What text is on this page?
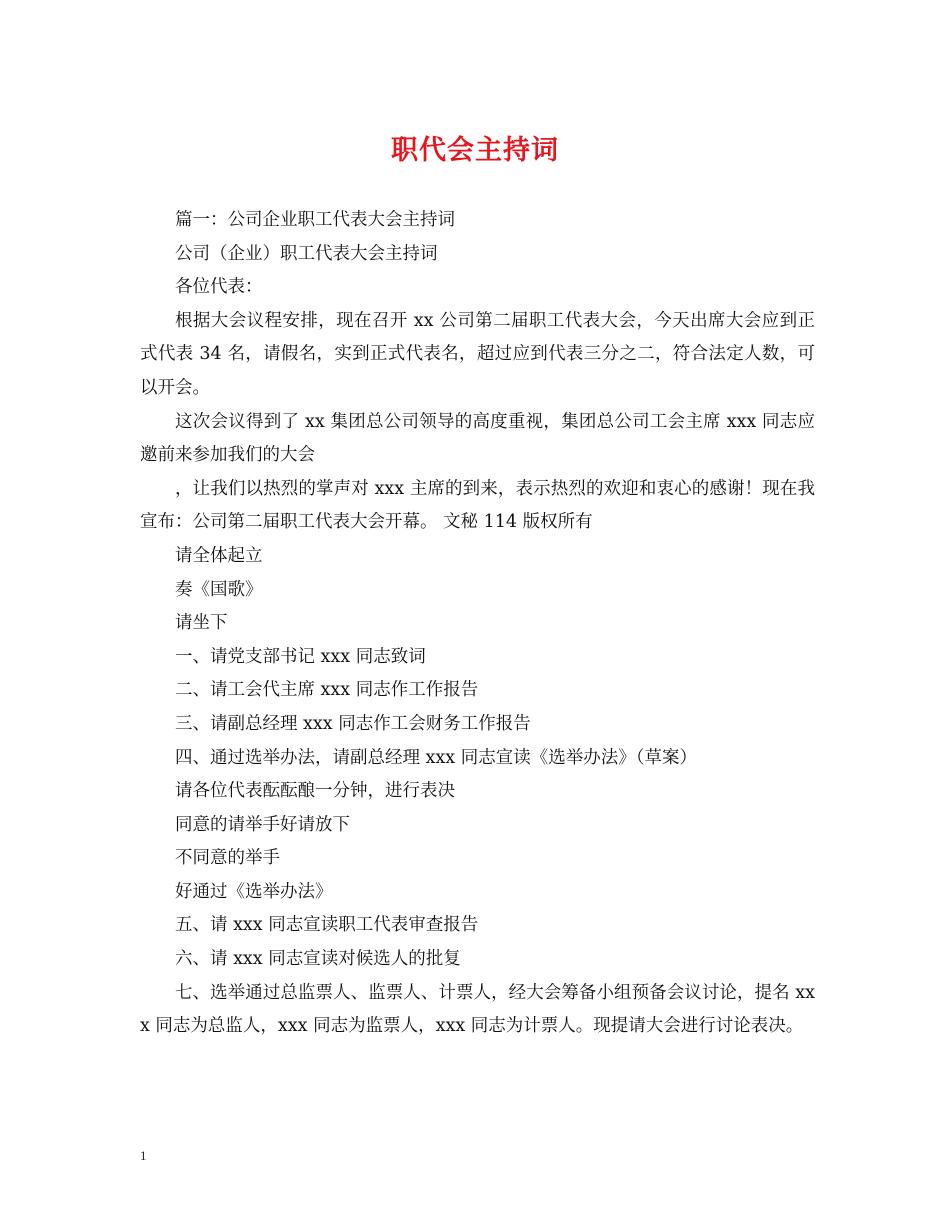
职代会主持词

篇一：公司企业职工代表大会主持词

公司（企业）职工代表大会主持词

各位代表：

根据大会议程安排，现在召开 xx 公司第二届职工代表大会，今天出席大会应到正式代表 34 名，请假名，实到正式代表名，超过应到代表三分之二，符合法定人数，可以开会。

这次会议得到了 xx 集团总公司领导的高度重视，集团总公司工会主席 xxx 同志应邀前来参加我们的大会

，让我们以热烈的掌声对 xxx 主席的到来，表示热烈的欢迎和衷心的感谢！现在我宣布：公司第二届职工代表大会开幕。 文秘 114 版权所有

请全体起立

奏《国歌》

请坐下

一、请党支部书记 xxx 同志致词

二、请工会代主席 xxx 同志作工作报告

三、请副总经理 xxx 同志作工会财务工作报告

四、通过选举办法，请副总经理 xxx 同志宣读《选举办法》（草案）

请各位代表酝酝酿一分钟，进行表决

同意的请举手好请放下

不同意的举手

好通过《选举办法》

五、请 xxx 同志宣读职工代表审查报告

六、请 xxx 同志宣读对候选人的批复

七、选举通过总监票人、监票人、计票人，经大会筹备小组预备会议讨论，提名 xxx 同志为总监人，xxx 同志为监票人，xxx 同志为计票人。现提请大会进行讨论表决。

1
